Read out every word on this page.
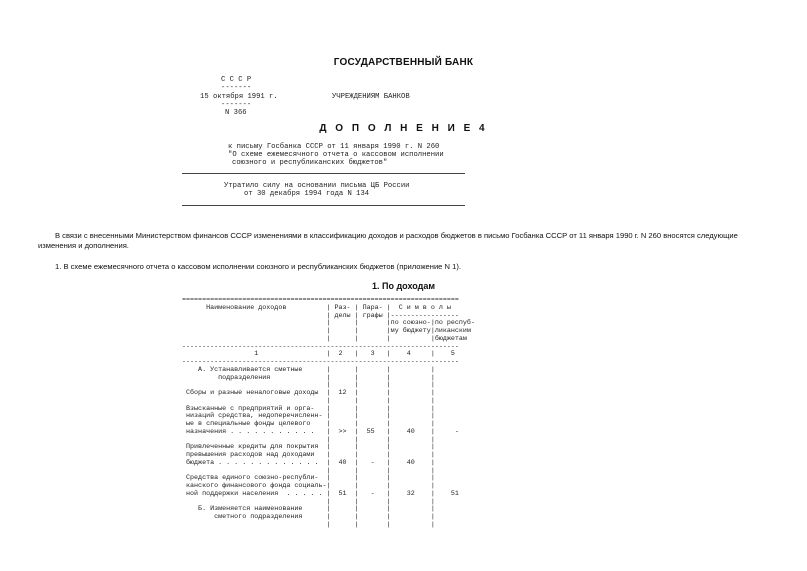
ГОСУДАРСТВЕННЫЙ БАНК
С С С Р
-------
15 октября 1991 г.	УЧРЕЖДЕНИЯМ БАНКОВ
-------
N 366
Д О П О Л Н Е Н И Е 4
к письму Госбанка СССР от 11 января 1990 г. N 260
"О схеме ежемесячного отчета о кассовом исполнении
союзного и республиканских бюджетов"
Утратило силу на основании письма ЦБ России
от 30 декабря 1994 года N 134
В связи с внесенными Министерством финансов СССР изменениями в классификацию доходов и расходов бюджетов в письмо Госбанка СССР от 11 января 1990 г. N 260 вносятся следующие изменения и дополнения.
1. В схеме ежемесячного отчета о кассовом исполнении союзного и республиканских бюджетов (приложение N 1).
1. По доходам
=====================================================================
Наименование доходов          | Раз- | Пара- |  С и м в о л ы
| делы | графы |-----------------
|      |       |по союзно-|по респуб-
|      |       |му бюджету|ликанским
|      |       |          |бюджетам
---------------------------------------------------------------------
1                 |  2   |   3   |    4     |    5
---------------------------------------------------------------------
А. Устанавливается сметные      |      |       |          |
подразделения              |      |       |          |
|      |       |          |
Сборы и разные неналоговые доходы  |  12  |       |          |
|      |       |          |
Взысканные с предприятий и орга-   |      |       |          |
низаций средства, недоперечисленн- |      |       |          |
ые в специальные фонды целевого    |      |       |          |
назначения . . . . . . . . . . .   |  >>  |  55   |    40    |     -
|      |       |          |
Привлеченные кредиты для покрытия  |      |       |          |
превышения расходов над доходами   |      |       |          |
бюджета . . . . . . . . . . . . .  |  40  |   -   |    40    |
|      |       |          |
Средства единого союзно-республи-  |      |       |          |
канского финансового фонда социаль-|      |       |          |
ной поддержки населения  . . . . . |  51  |   -   |    32    |    51
|      |       |          |
Б. Изменяется наименование      |      |       |          |
сметного подразделения      |      |       |          |
|      |       |          |
